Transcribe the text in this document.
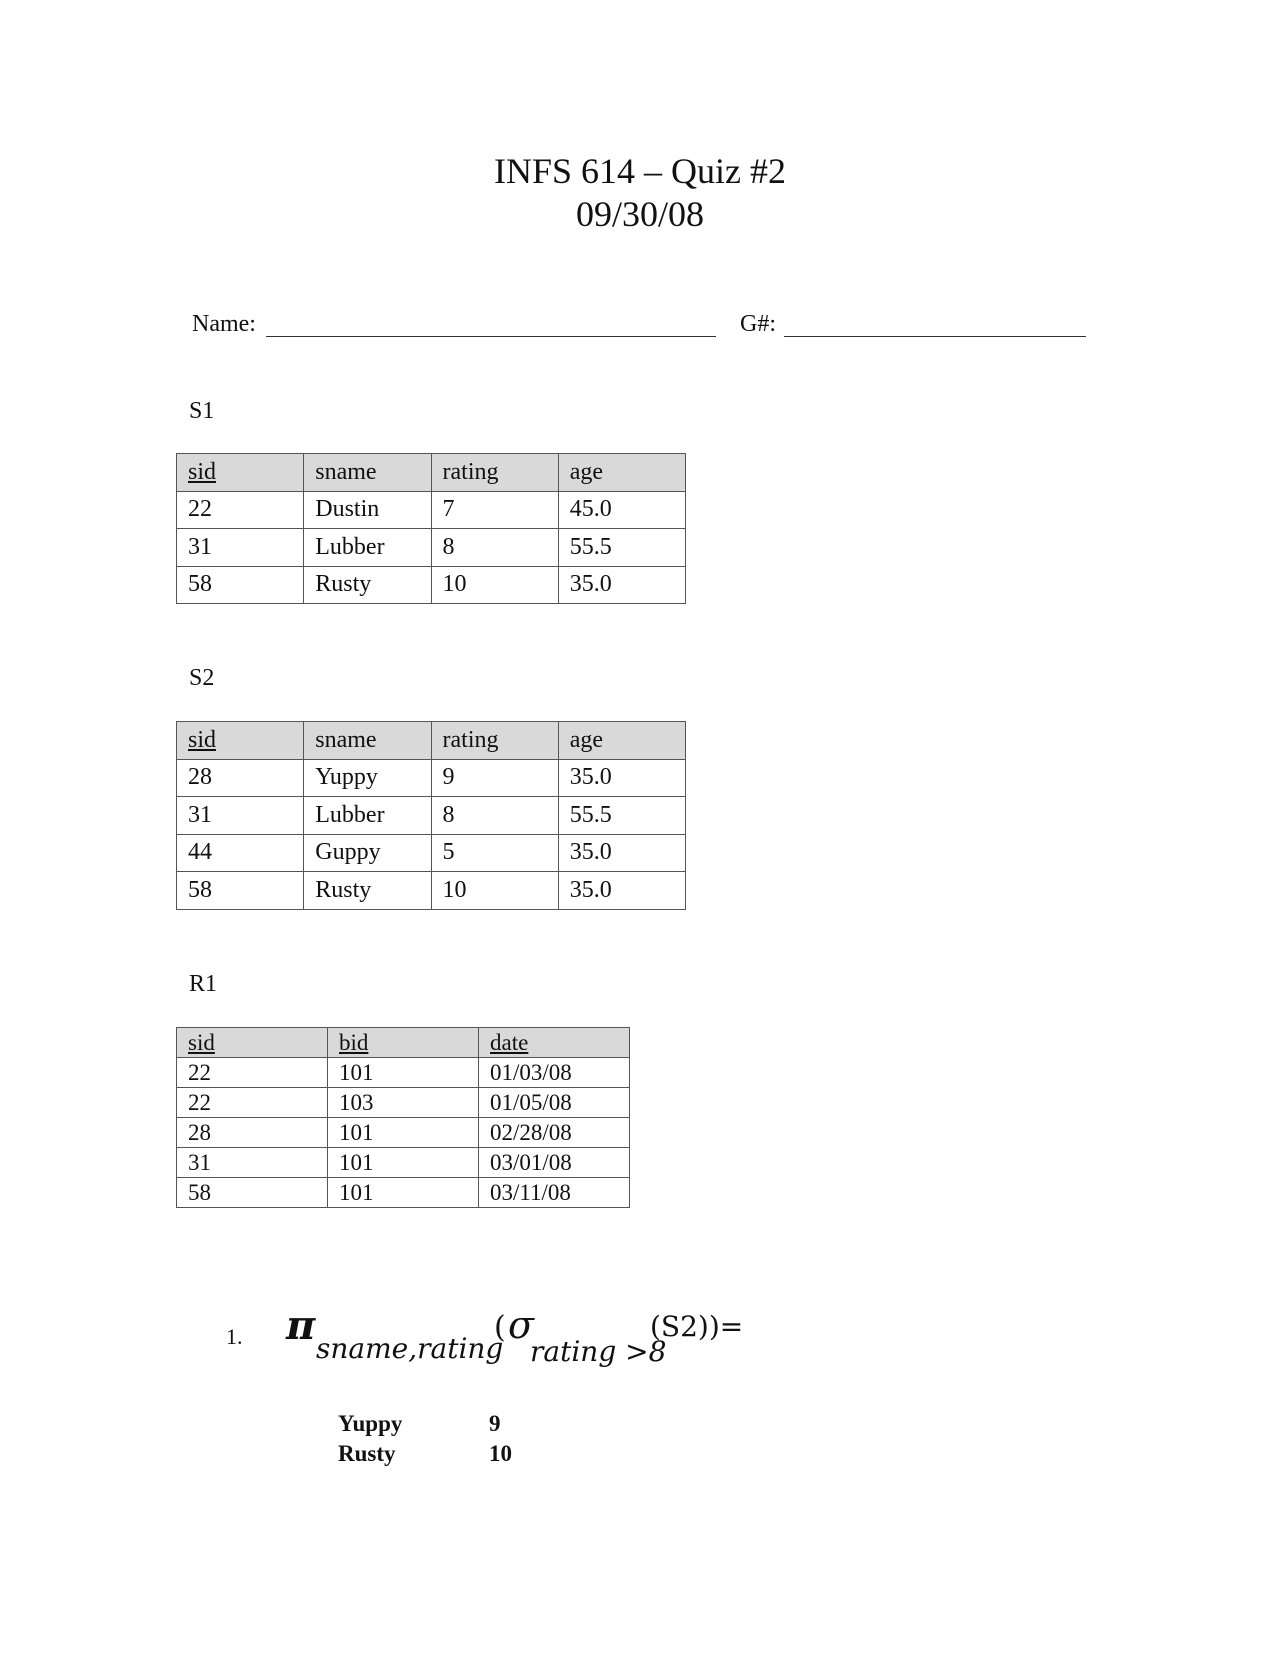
INFS 614 – Quiz #2
09/30/08
Name:	G#:
S1
sid	sname	rating	age
22	Dustin	7	45.0
31	Lubber	8	55.5
58	Rusty	10	35.0
S2
sid	sname	rating	age
28	Yuppy	9	35.0
31	Lubber	8	55.5
44	Guppy	5	35.0
58	Rusty	10	35.0
R1
sid	bid	date
22	101	01/03/08
22	103	01/05/08
28	101	02/28/08
31	101	03/01/08
58	101	03/11/08
1. π sname,rating
( σ
rating >8
(S2))=
Yuppy	9
Rusty	10
